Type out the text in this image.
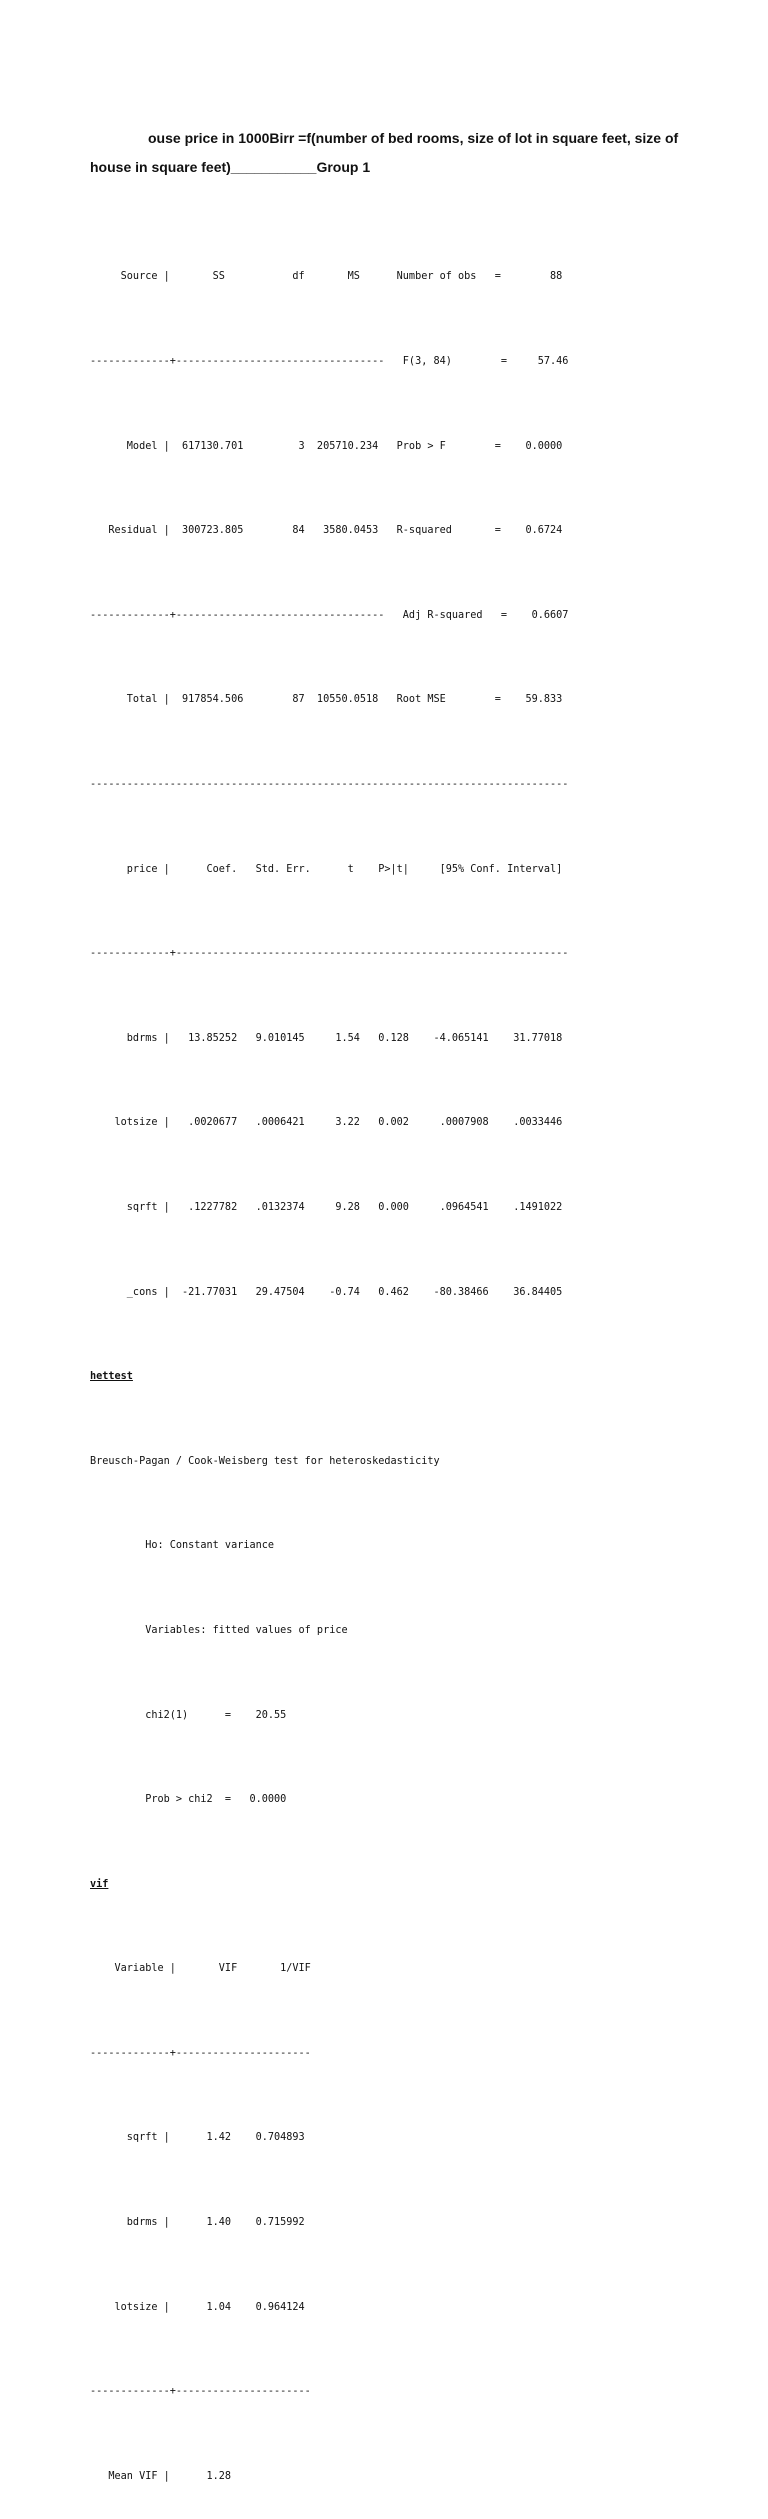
ouse price in 1000Birr =f(number of bed rooms, size of lot in square feet, size of
house in square feet)___________Group 1

Source |       SS           df       MS      Number of obs   =        88

-------------+----------------------------------   F(3, 84)        =     57.46

Model |  617130.701         3  205710.234   Prob > F        =    0.0000

Residual |  300723.805        84   3580.0453   R-squared       =    0.6724

-------------+----------------------------------   Adj R-squared   =    0.6607

Total |  917854.506        87  10550.0518   Root MSE        =    59.833

------------------------------------------------------------------------------

price |      Coef.   Std. Err.      t    P>|t|     [95% Conf. Interval]

-------------+----------------------------------------------------------------

bdrms |   13.85252   9.010145     1.54   0.128    -4.065141    31.77018

lotsize |   .0020677   .0006421     3.22   0.002     .0007908    .0033446

sqrft |   .1227782   .0132374     9.28   0.000     .0964541    .1491022

_cons |  -21.77031   29.47504    -0.74   0.462    -80.38466    36.84405

hettest

Breusch-Pagan / Cook-Weisberg test for heteroskedasticity

Ho: Constant variance

Variables: fitted values of price

chi2(1)      =    20.55

Prob > chi2  =   0.0000

vif

Variable |       VIF       1/VIF

-------------+----------------------

sqrft |      1.42    0.704893

bdrms |      1.40    0.715992

lotsize |      1.04    0.964124

-------------+----------------------

Mean VIF |      1.28
